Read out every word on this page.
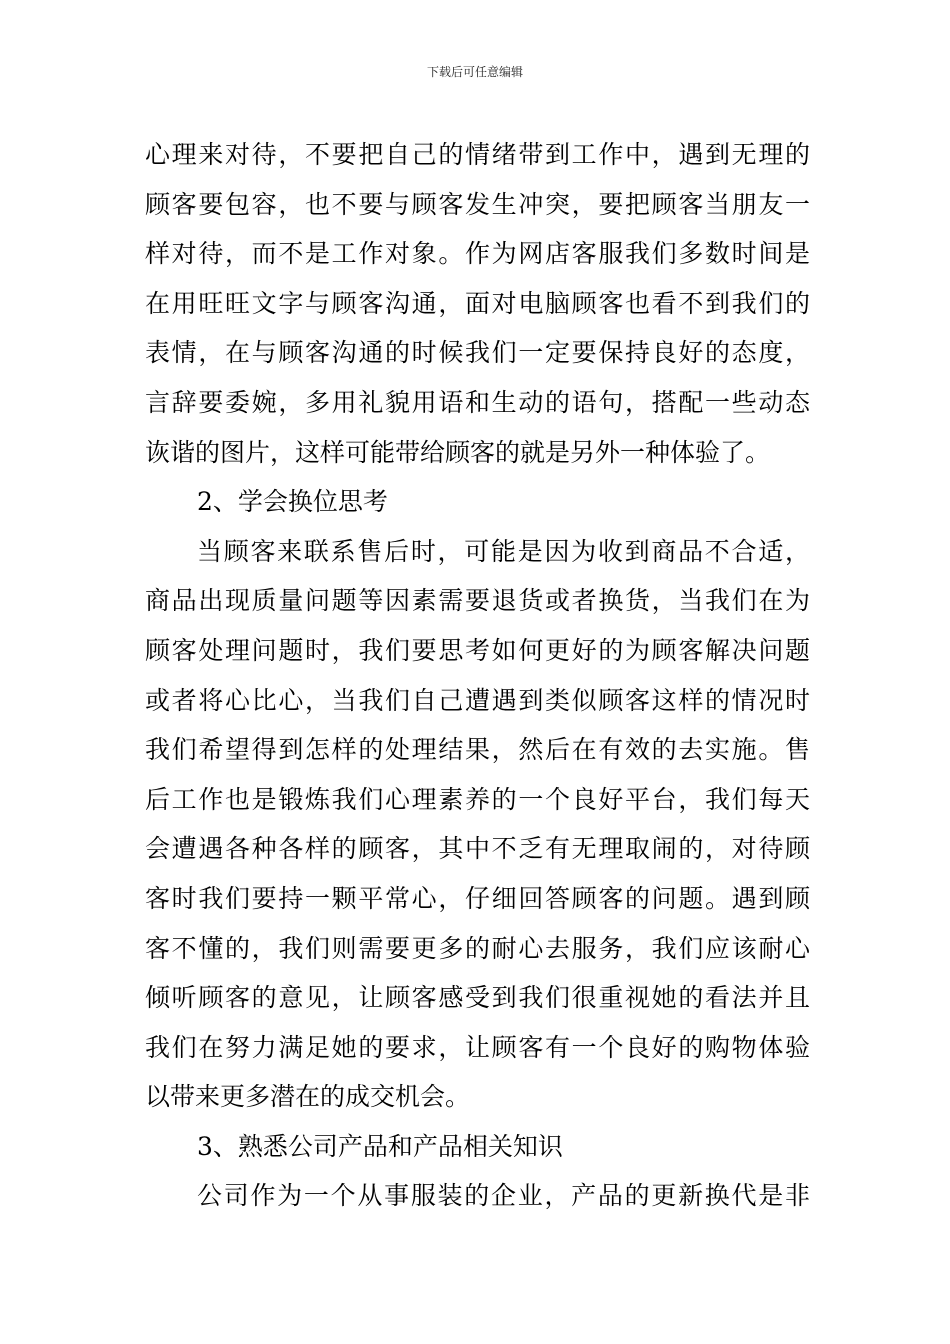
下载后可任意编辑
心理来对待，不要把自己的情绪带到工作中，遇到无理的
顾客要包容，也不要与顾客发生冲突，要把顾客当朋友一
样对待，而不是工作对象。作为网店客服我们多数时间是
在用旺旺文字与顾客沟通，面对电脑顾客也看不到我们的
表情，在与顾客沟通的时候我们一定要保持良好的态度，
言辞要委婉，多用礼貌用语和生动的语句，搭配一些动态
诙谐的图片，这样可能带给顾客的就是另外一种体验了。
2、学会换位思考
当顾客来联系售后时，可能是因为收到商品不合适，
商品出现质量问题等因素需要退货或者换货，当我们在为
顾客处理问题时，我们要思考如何更好的为顾客解决问题
或者将心比心，当我们自己遭遇到类似顾客这样的情况时
我们希望得到怎样的处理结果，然后在有效的去实施。售
后工作也是锻炼我们心理素养的一个良好平台，我们每天
会遭遇各种各样的顾客，其中不乏有无理取闹的，对待顾
客时我们要持一颗平常心，仔细回答顾客的问题。遇到顾
客不懂的，我们则需要更多的耐心去服务，我们应该耐心
倾听顾客的意见，让顾客感受到我们很重视她的看法并且
我们在努力满足她的要求，让顾客有一个良好的购物体验
以带来更多潜在的成交机会。
3、熟悉公司产品和产品相关知识
公司作为一个从事服装的企业，产品的更新换代是非
